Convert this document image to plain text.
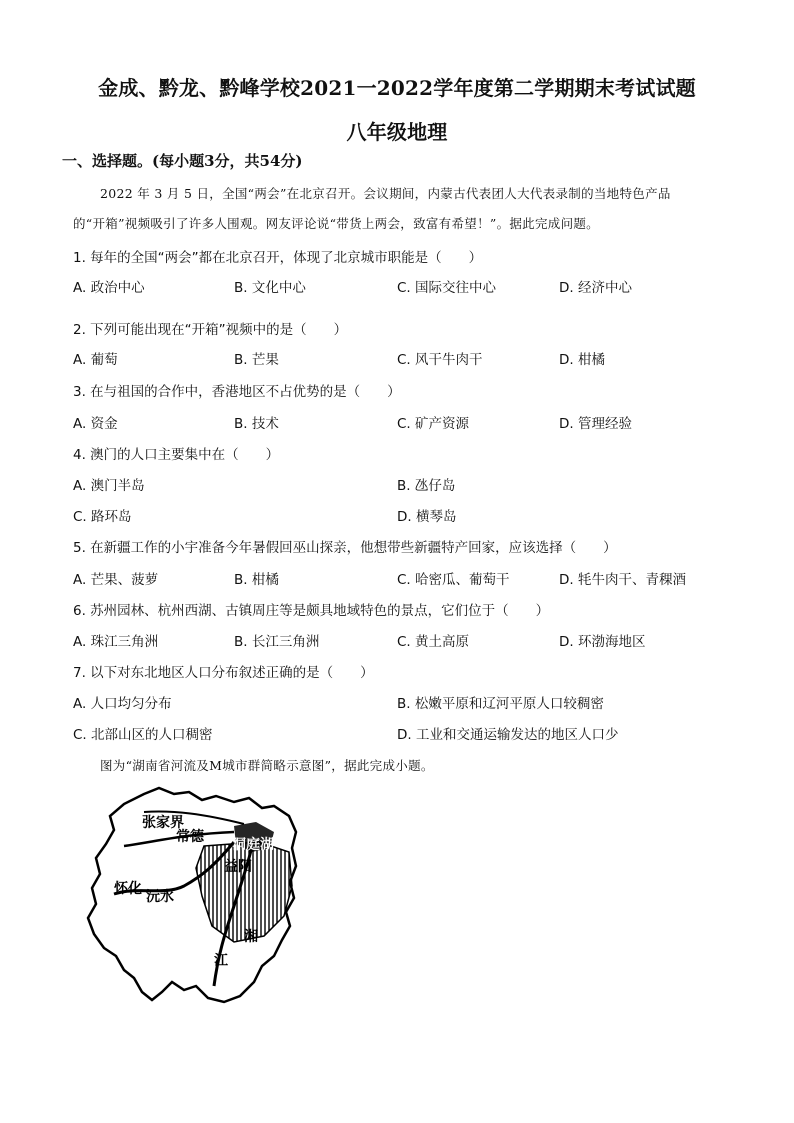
金成、黔龙、黔峰学校2021一2022学年度第二学期期末考试试题
八年级地理
一、选择题。(每小题3分，共54分)
2022 年 3 月 5 日，全国“两会”在北京召开。会议期间，内蒙古代表团人大代表录制的当地特色产品
的“开箱”视频吸引了许多人围观。网友评论说“带货上两会，致富有希望！”。据此完成问题。
1. 每年的全国“两会”都在北京召开，体现了北京城市职能是（　　）
A. 政治中心	B. 文化中心	C. 国际交往中心	D. 经济中心
2. 下列可能出现在“开箱”视频中的是（　　）
A. 葡萄	B. 芒果	C. 风干牛肉干	D. 柑橘
3. 在与祖国的合作中，香港地区不占优势的是（　　）
A. 资金	B. 技术	C. 矿产资源	D. 管理经验
4. 澳门的人口主要集中在（　　）
A. 澳门半岛	B. 氹仔岛
C. 路环岛	D. 横琴岛
5. 在新疆工作的小宇准备今年暑假回巫山探亲，他想带些新疆特产回家，应该选择（　　）
A. 芒果、菠萝	B. 柑橘	C. 哈密瓜、葡萄干	D. 牦牛肉干、青稞酒
6. 苏州园林、杭州西湖、古镇周庄等是颇具地域特色的景点，它们位于（　　）
A. 珠江三角洲	B. 长江三角洲	C. 黄土高原	D. 环渤海地区
7. 以下对东北地区人口分布叙述正确的是（　　）
A. 人口均匀分布	B. 松嫩平原和辽河平原人口较稠密
C. 北部山区的人口稠密	D. 工业和交通运输发达的地区人口少
图为“湖南省河流及M城市群简略示意图”，据此完成小题。
张家界
常德 洞庭湖
益阳
怀化 沅水
江
湘
